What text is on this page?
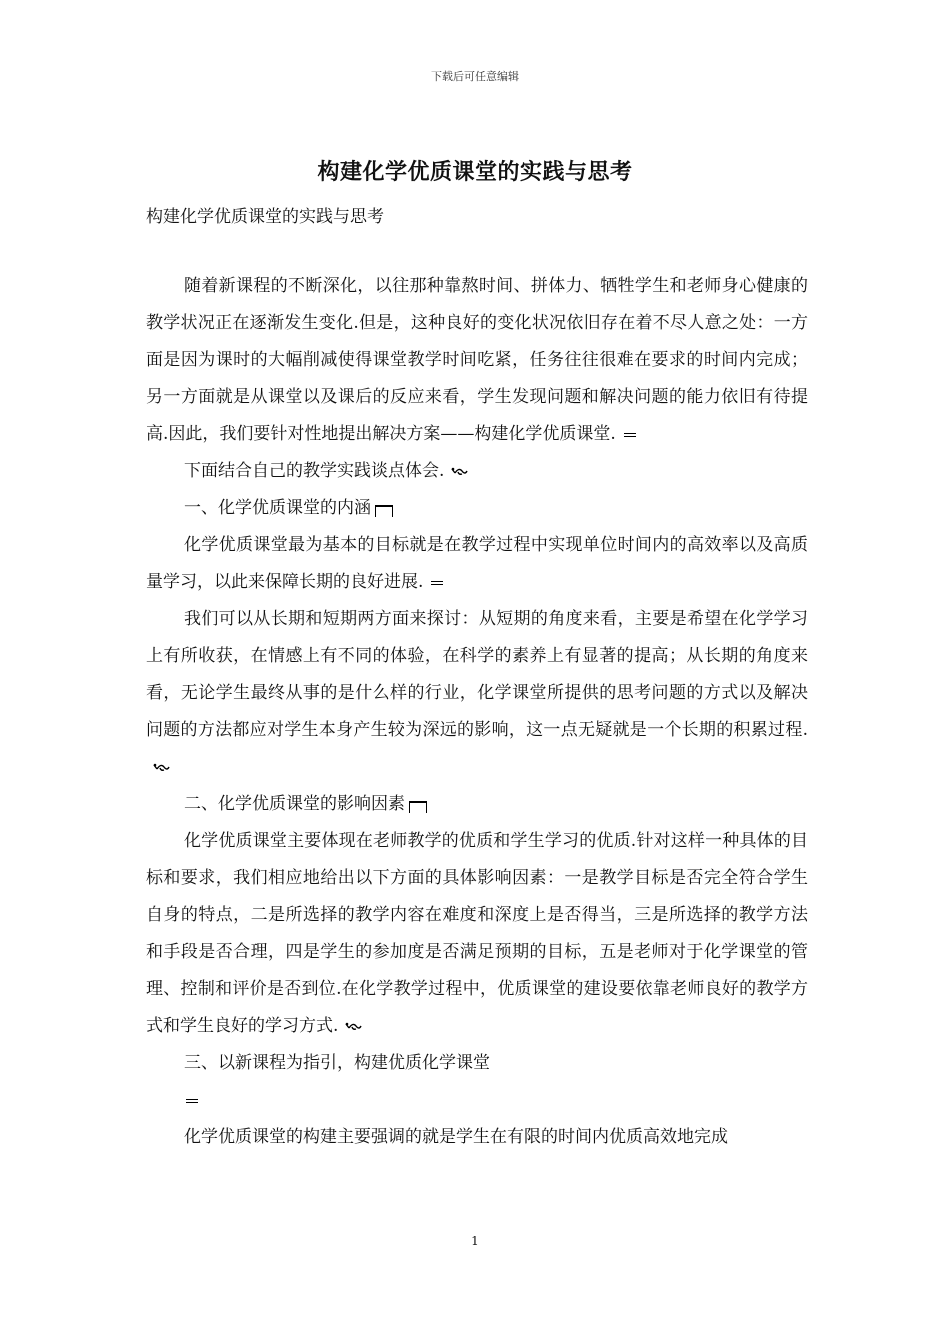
下载后可任意编辑
构建化学优质课堂的实践与思考
构建化学优质课堂的实践与思考

随着新课程的不断深化，以往那种靠熬时间、拼体力、牺牲学生和老师身心健康的教学状况正在逐渐发生变化.但是，这种良好的变化状况依旧存在着不尽人意之处：一方面是因为课时的大幅削减使得课堂教学时间吃紧，任务往往很难在要求的时间内完成；另一方面就是从课堂以及课后的反应来看，学生发现问题和解决问题的能力依旧有待提高.因此，我们要针对性地提出解决方案——构建化学优质课堂.

下面结合自己的教学实践谈点体会.

一、化学优质课堂的内涵

化学优质课堂最为基本的目标就是在教学过程中实现单位时间内的高效率以及高质量学习，以此来保障长期的良好进展.

我们可以从长期和短期两方面来探讨：从短期的角度来看，主要是希望在化学学习上有所收获，在情感上有不同的体验，在科学的素养上有显著的提高；从长期的角度来看，无论学生最终从事的是什么样的行业，化学课堂所提供的思考问题的方式以及解决问题的方法都应对学生本身产生较为深远的影响，这一点无疑就是一个长期的积累过程.

二、化学优质课堂的影响因素

化学优质课堂主要体现在老师教学的优质和学生学习的优质.针对这样一种具体的目标和要求，我们相应地给出以下方面的具体影响因素：一是教学目标是否完全符合学生自身的特点，二是所选择的教学内容在难度和深度上是否得当，三是所选择的教学方法和手段是否合理，四是学生的参加度是否满足预期的目标，五是老师对于化学课堂的管理、控制和评价是否到位.在化学教学过程中，优质课堂的建设要依靠老师良好的教学方式和学生良好的学习方式.

三、以新课程为指引，构建优质化学课堂

化学优质课堂的构建主要强调的就是学生在有限的时间内优质高效地完成

1
